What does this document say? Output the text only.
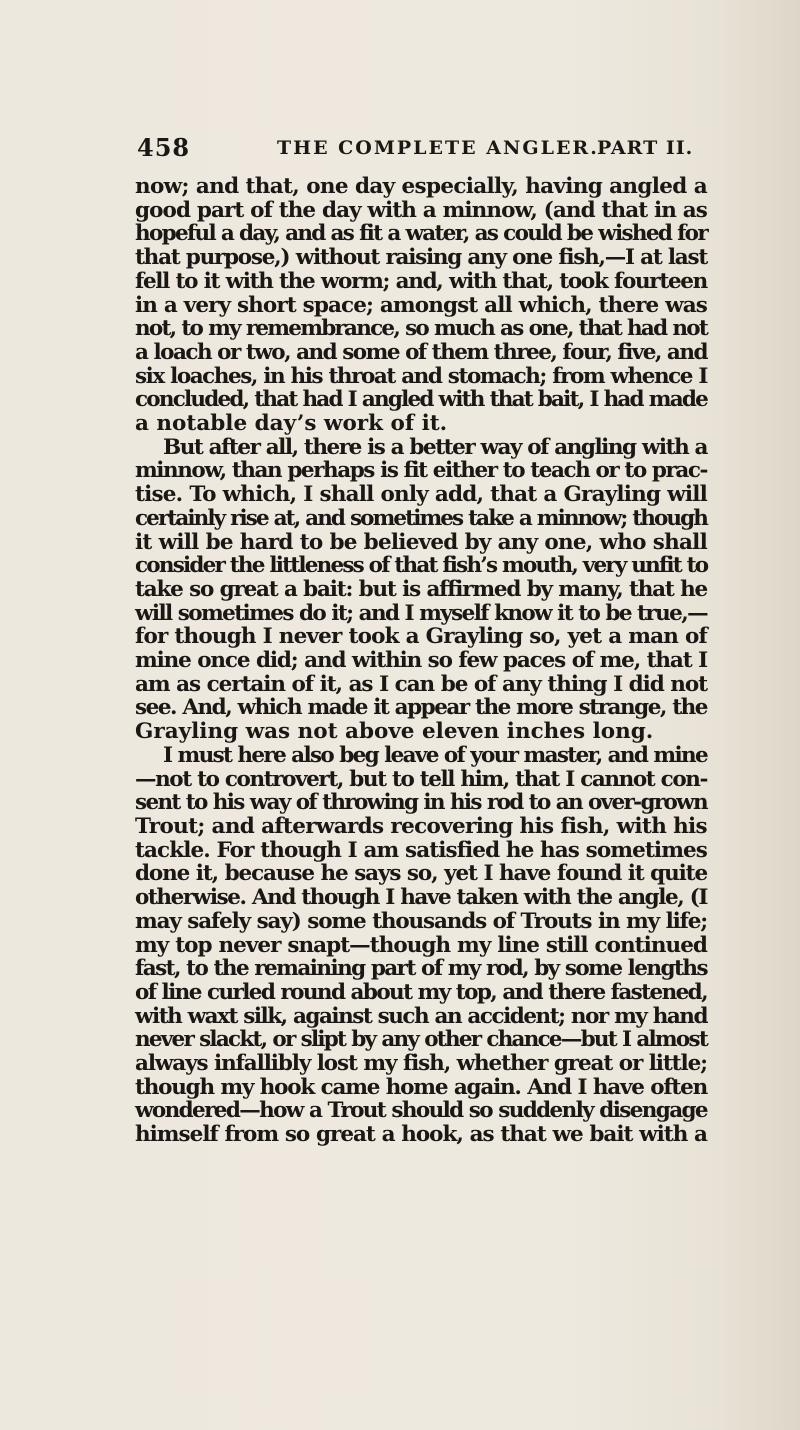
458	THE COMPLETE ANGLER.
PART II.
now; and that, one day especially, having angled a
good part of the day with a minnow, (and that in as
hopeful a day, and as fit a water, as could be wished for
that purpose,) without raising any one fish,—I at last
fell to it with the worm; and, with that, took fourteen
in a very short space; amongst all which, there was
not, to my remembrance, so much as one, that had not
a loach or two, and some of them three, four, five, and
six loaches, in his throat and stomach; from whence I
concluded, that had I angled with that bait, I had made
a notable day’s work of it.
But after all, there is a better way of angling with a
minnow, than perhaps is fit either to teach or to prac-
tise. To which, I shall only add, that a Grayling will
certainly rise at, and sometimes take a minnow; though
it will be hard to be believed by any one, who shall
consider the littleness of that fish’s mouth, very unfit to
take so great a bait: but is affirmed by many, that he
will sometimes do it; and I myself know it to be true,—
for though I never took a Grayling so, yet a man of
mine once did; and within so few paces of me, that I
am as certain of it, as I can be of any thing I did not
see. And, which made it appear the more strange, the
Grayling was not above eleven inches long.
I must here also beg leave of your master, and mine
—not to controvert, but to tell him, that I cannot con-
sent to his way of throwing in his rod to an over-grown
Trout; and afterwards recovering his fish, with his
tackle. For though I am satisfied he has sometimes
done it, because he says so, yet I have found it quite
otherwise. And though I have taken with the angle, (I
may safely say) some thousands of Trouts in my life;
my top never snapt—though my line still continued
fast, to the remaining part of my rod, by some lengths
of line curled round about my top, and there fastened,
with waxt silk, against such an accident; nor my hand
never slackt, or slipt by any other chance—but I almost
always infallibly lost my fish, whether great or little;
though my hook came home again. And I have often
wondered—how a Trout should so suddenly disengage
himself from so great a hook, as that we bait with a
